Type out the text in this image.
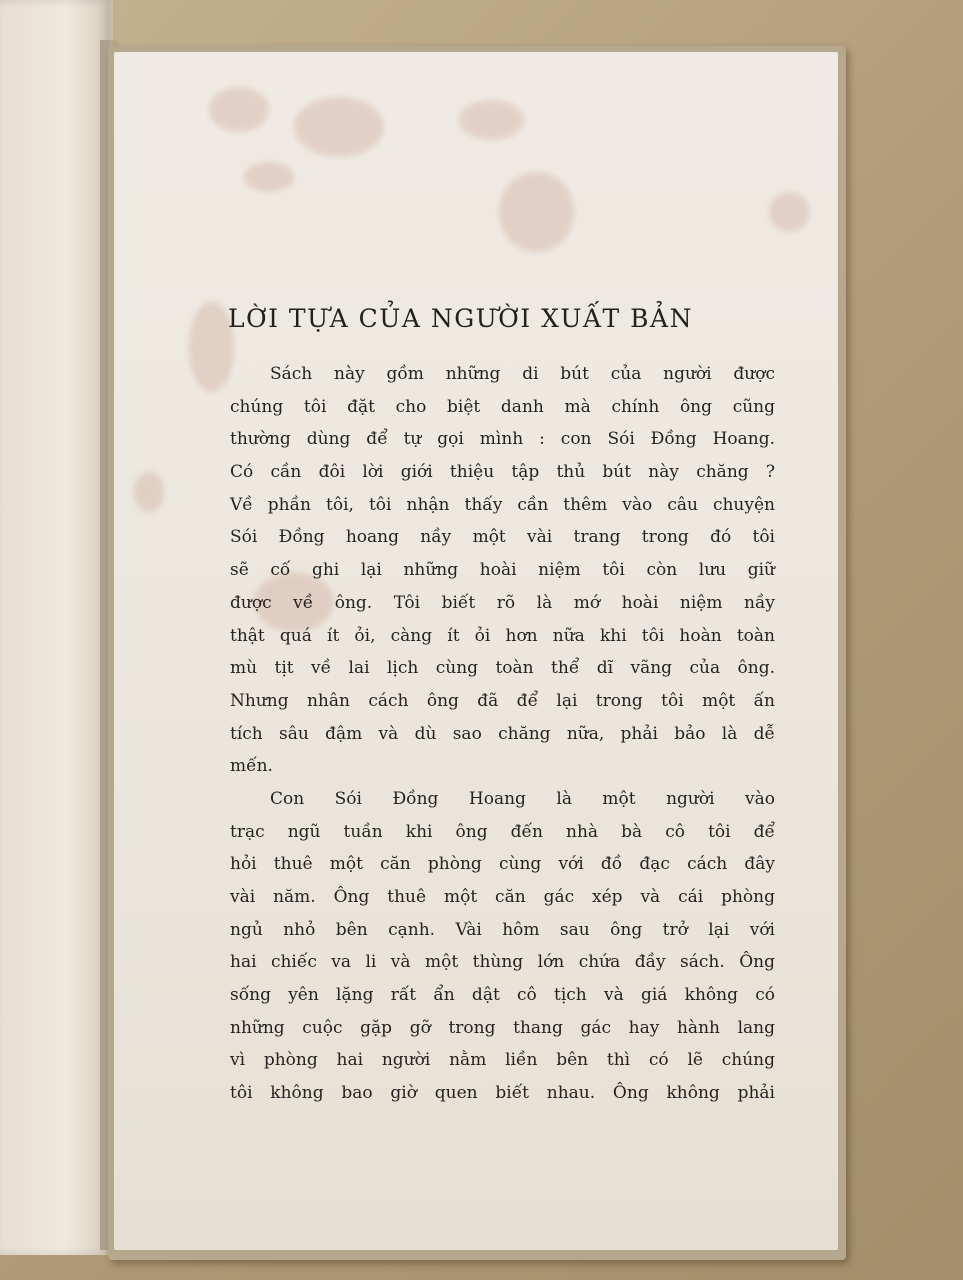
LỜI TỰA CỦA NGƯỜI XUẤT BẢN
Sách này gồm những di bút của người được
chúng tôi đặt cho biệt danh mà chính ông cũng
thường dùng để tự gọi mình : con Sói Đồng Hoang.
Có cần đôi lời giới thiệu tập thủ bút này chăng ?
Về phần tôi, tôi nhận thấy cần thêm vào câu chuyện
Sói Đồng hoang nầy một vài trang trong đó tôi
sẽ cố ghi lại những hoài niệm tôi còn lưu giữ
được về ông. Tôi biết rõ là mớ hoài niệm nầy
thật quá ít ỏi, càng ít ỏi hơn nữa khi tôi hoàn toàn
mù tịt về lai lịch cùng toàn thể dĩ vãng của ông.
Nhưng nhân cách ông đã để lại trong tôi một ấn
tích sâu đậm và dù sao chăng nữa, phải bảo là dễ
mến.
Con Sói Đồng Hoang là một người vào
trạc ngũ tuần khi ông đến nhà bà cô tôi để
hỏi thuê một căn phòng cùng với đồ đạc cách đây
vài năm. Ông thuê một căn gác xép và cái phòng
ngủ nhỏ bên cạnh. Vài hôm sau ông trở lại với
hai chiếc va li và một thùng lớn chứa đầy sách. Ông
sống yên lặng rất ẩn dật cô tịch và giá không có
những cuộc gặp gỡ trong thang gác hay hành lang
vì phòng hai người nằm liền bên thì có lẽ chúng
tôi không bao giờ quen biết nhau. Ông không phải
